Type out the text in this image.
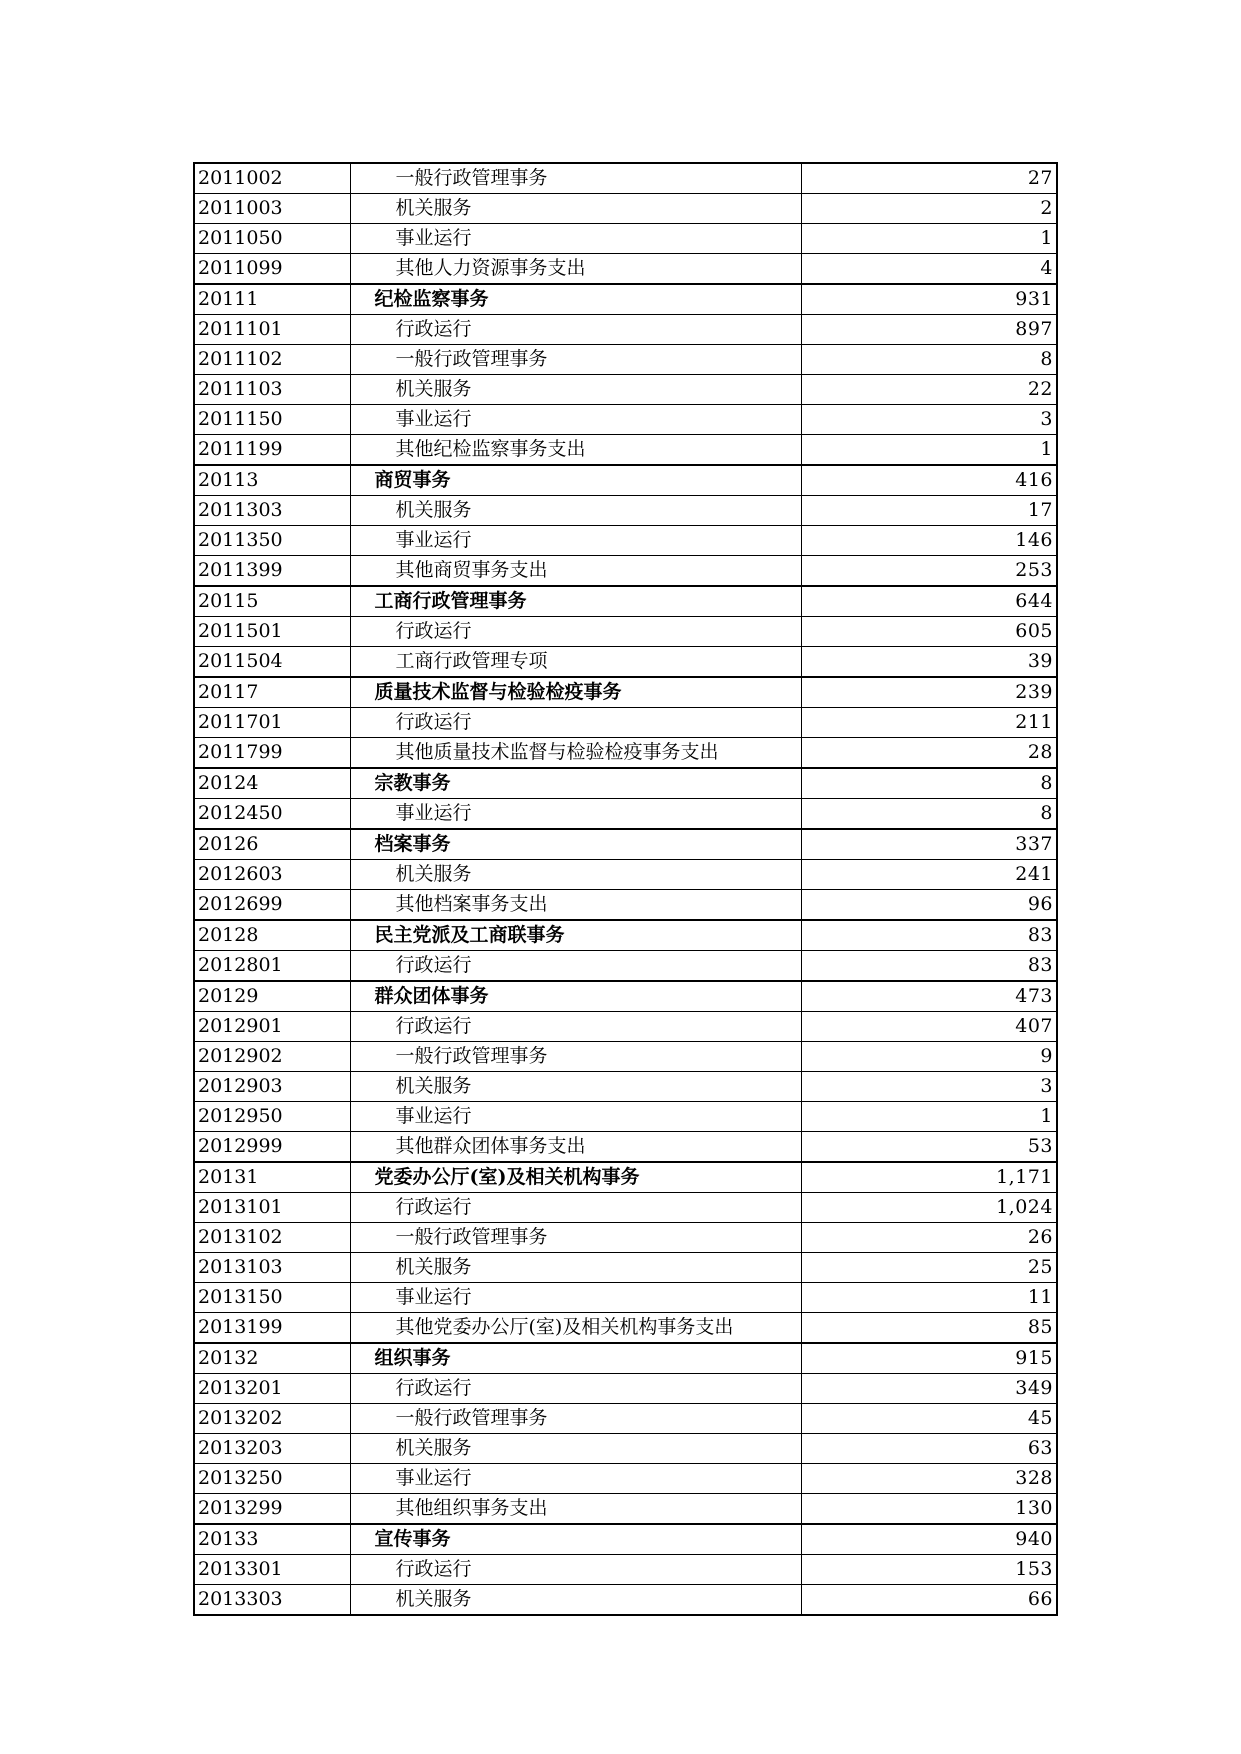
2011002	一般行政管理事务	27
2011003	机关服务	2
2011050	事业运行	1
2011099	其他人力资源事务支出	4
20111	纪检监察事务	931
2011101	行政运行	897
2011102	一般行政管理事务	8
2011103	机关服务	22
2011150	事业运行	3
2011199	其他纪检监察事务支出	1
20113	商贸事务	416
2011303	机关服务	17
2011350	事业运行	146
2011399	其他商贸事务支出	253
20115	工商行政管理事务	644
2011501	行政运行	605
2011504	工商行政管理专项	39
20117	质量技术监督与检验检疫事务	239
2011701	行政运行	211
2011799	其他质量技术监督与检验检疫事务支出	28
20124	宗教事务	8
2012450	事业运行	8
20126	档案事务	337
2012603	机关服务	241
2012699	其他档案事务支出	96
20128	民主党派及工商联事务	83
2012801	行政运行	83
20129	群众团体事务	473
2012901	行政运行	407
2012902	一般行政管理事务	9
2012903	机关服务	3
2012950	事业运行	1
2012999	其他群众团体事务支出	53
20131	党委办公厅(室)及相关机构事务	1,171
2013101	行政运行	1,024
2013102	一般行政管理事务	26
2013103	机关服务	25
2013150	事业运行	11
2013199	其他党委办公厅(室)及相关机构事务支出	85
20132	组织事务	915
2013201	行政运行	349
2013202	一般行政管理事务	45
2013203	机关服务	63
2013250	事业运行	328
2013299	其他组织事务支出	130
20133	宣传事务	940
2013301	行政运行	153
2013303	机关服务	66
